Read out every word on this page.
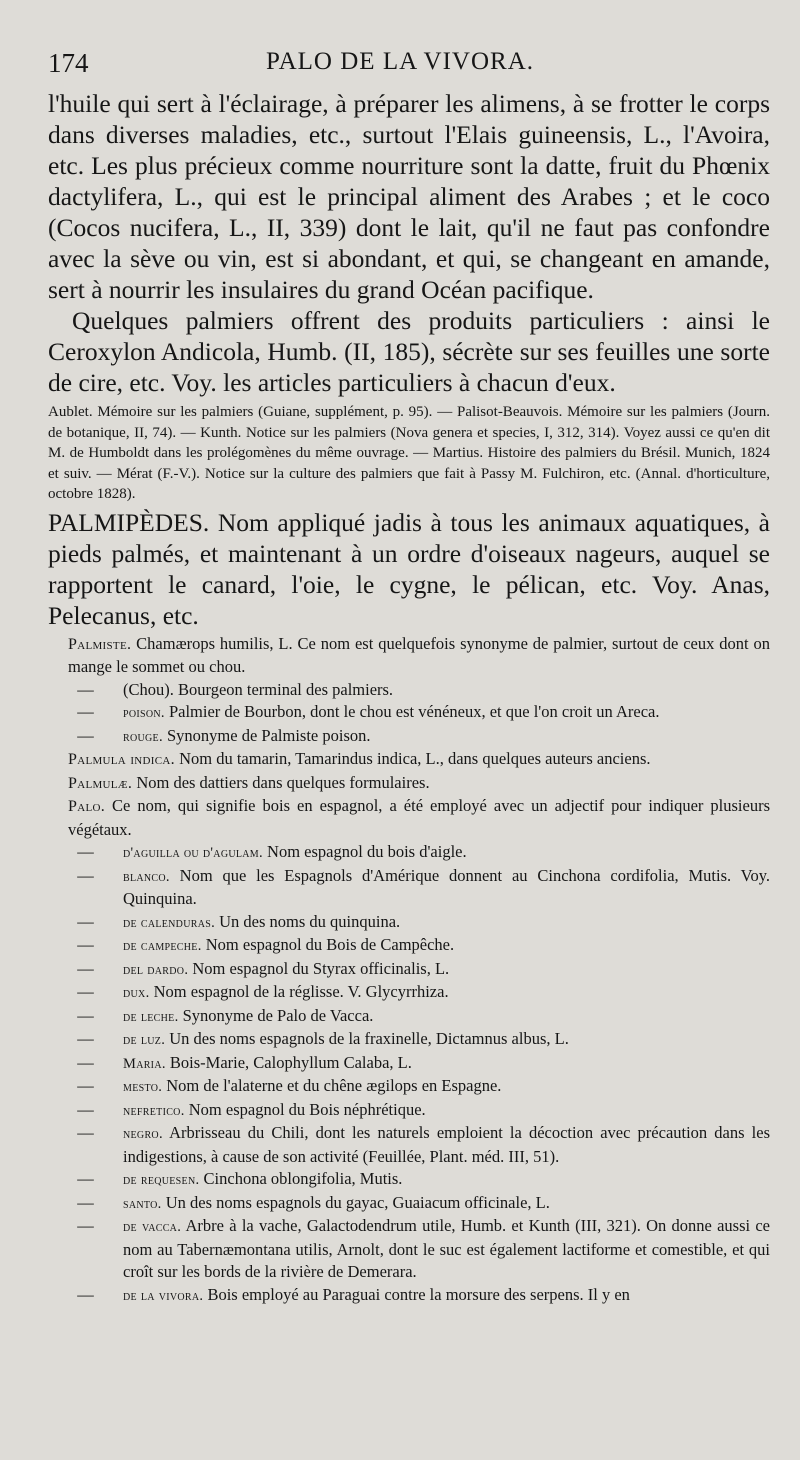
174	PALO DE LA VIVORA.

l'huile qui sert à l'éclairage, à préparer les alimens, à se frotter le corps dans diverses maladies, etc., surtout l'Elais guineensis, L., l'Avoira, etc. Les plus précieux comme nourriture sont la datte, fruit du Phœnix dactylifera, L., qui est le principal aliment des Arabes ; et le coco (Cocos nucifera, L., II, 339) dont le lait, qu'il ne faut pas confondre avec la sève ou vin, est si abondant, et qui, se changeant en amande, sert à nourrir les insulaires du grand Océan pacifique.

Quelques palmiers offrent des produits particuliers : ainsi le Ceroxylon Andicola, Humb. (II, 185), sécrète sur ses feuilles une sorte de cire, etc. Voy. les articles particuliers à chacun d'eux.

Aublet. Mémoire sur les palmiers (Guiane, supplément, p. 95). — Palisot-Beauvois. Mémoire sur les palmiers (Journ. de botanique, II, 74). — Kunth. Notice sur les palmiers (Nova genera et species, I, 312, 314). Voyez aussi ce qu'en dit M. de Humboldt dans les prolégomènes du même ouvrage. — Martius. Histoire des palmiers du Brésil. Munich, 1824 et suiv. — Mérat (F.-V.). Notice sur la culture des palmiers que fait à Passy M. Fulchiron, etc. (Annal. d'horticulture, octobre 1828).
PALMIPÈDES. Nom appliqué jadis à tous les animaux aquatiques, à pieds palmés, et maintenant à un ordre d'oiseaux nageurs, auquel se rapportent le canard, l'oie, le cygne, le pélican, etc. Voy. Anas, Pelecanus, etc.
Palmiste. Chamærops humilis, L. Ce nom est quelquefois synonyme de palmier, surtout de ceux dont on mange le sommet ou chou.
—	(Chou). Bourgeon terminal des palmiers.
—	poison. Palmier de Bourbon, dont le chou est vénéneux, et que l'on croit un Areca.
—	rouge. Synonyme de Palmiste poison.
Palmula indica. Nom du tamarin, Tamarindus indica, L., dans quelques auteurs anciens.
Palmulæ. Nom des dattiers dans quelques formulaires.
Palo. Ce nom, qui signifie bois en espagnol, a été employé avec un adjectif pour indiquer plusieurs végétaux.
—	d'aguilla ou d'agulam. Nom espagnol du bois d'aigle.
—	blanco. Nom que les Espagnols d'Amérique donnent au Cinchona cordifolia, Mutis. Voy. Quinquina.
—	de calenduras. Un des noms du quinquina.
—	de campeche. Nom espagnol du Bois de Campêche.
—	del dardo. Nom espagnol du Styrax officinalis, L.
—	dux. Nom espagnol de la réglisse. V. Glycyrrhiza.
—	de leche. Synonyme de Palo de Vacca.
—	de luz. Un des noms espagnols de la fraxinelle, Dictamnus albus, L.
—	Maria. Bois-Marie, Calophyllum Calaba, L.
—	mesto. Nom de l'alaterne et du chêne ægilops en Espagne.
—	nefretico. Nom espagnol du Bois néphrétique.
—	negro. Arbrisseau du Chili, dont les naturels emploient la décoction avec précaution dans les indigestions, à cause de son activité (Feuillée, Plant. méd. III, 51).
—	de requesen. Cinchona oblongifolia, Mutis.
—	santo. Un des noms espagnols du gayac, Guaiacum officinale, L.
—	de vacca. Arbre à la vache, Galactodendrum utile, Humb. et Kunth (III, 321). On donne aussi ce nom au Tabernæmontana utilis, Arnolt, dont le suc est également lactiforme et comestible, et qui croît sur les bords de la rivière de Demerara.
—	de la vivora. Bois employé au Paraguai contre la morsure des serpens. Il y en
